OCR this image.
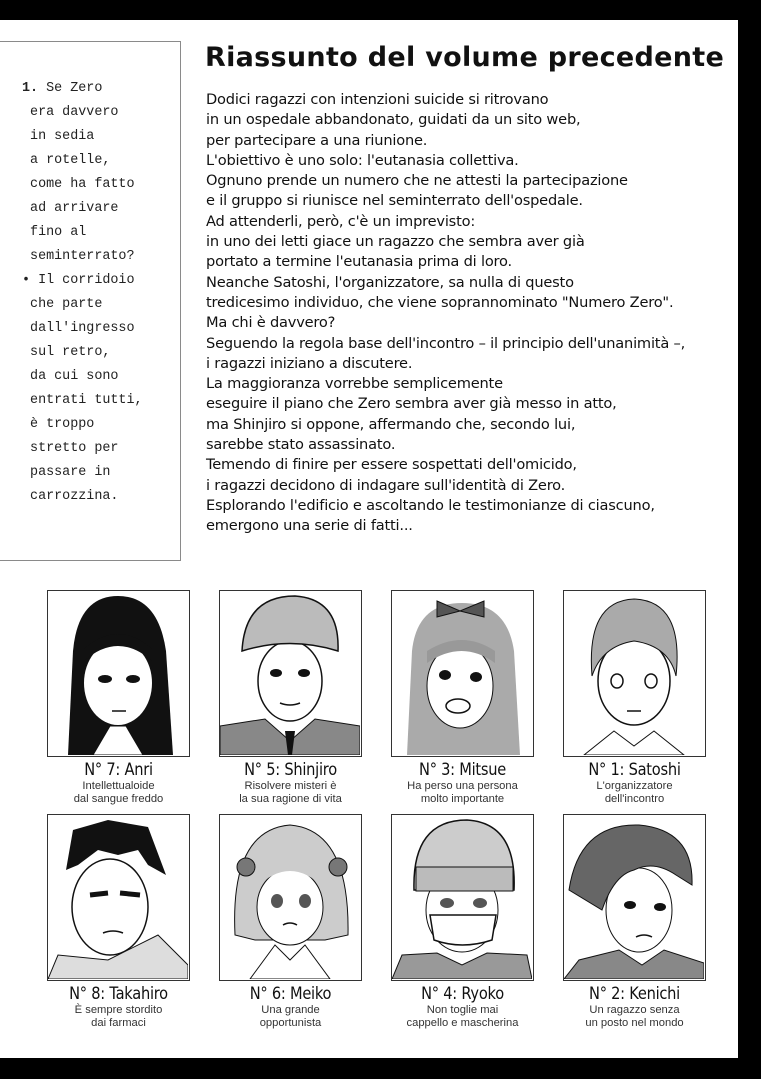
1. Se Zero
era davvero
in sedia
a rotelle,
come ha fatto
ad arrivare
fino al
seminterrato?
• Il corridoio
che parte
dall'ingresso
sul retro,
da cui sono
entrati tutti,
è troppo
stretto per
passare in
carrozzina.
Riassunto del volume precedente
Dodici ragazzi con intenzioni suicide si ritrovano
in un ospedale abbandonato, guidati da un sito web,
per partecipare a una riunione.
L'obiettivo è uno solo: l'eutanasia collettiva.
Ognuno prende un numero che ne attesti la partecipazione
e il gruppo si riunisce nel seminterrato dell'ospedale.
Ad attenderli, però, c'è un imprevisto:
in uno dei letti giace un ragazzo che sembra aver già
portato a termine l'eutanasia prima di loro.
Neanche Satoshi, l'organizzatore, sa nulla di questo
tredicesimo individuo, che viene soprannominato "Numero Zero".
Ma chi è davvero?
Seguendo la regola base dell'incontro – il principio dell'unanimità –,
i ragazzi iniziano a discutere.
La maggioranza vorrebbe semplicemente
eseguire il piano che Zero sembra aver già messo in atto,
ma Shinjiro si oppone, affermando che, secondo lui,
sarebbe stato assassinato.
Temendo di finire per essere sospettati dell'omicido,
i ragazzi decidono di indagare sull'identità di Zero.
Esplorando l'edificio e ascoltando le testimonianze di ciascuno,
emergono una serie di fatti...
N° 7: Anri
Intellettualoide
dal sangue freddo
N° 5: Shinjiro
Risolvere misteri è
la sua ragione di vita
N° 3: Mitsue
Ha perso una persona
molto importante
N° 1: Satoshi
L'organizzatore
dell'incontro
N° 8: Takahiro
È sempre stordito
dai farmaci
N° 6: Meiko
Una grande
opportunista
N° 4: Ryoko
Non toglie mai
cappello e mascherina
N° 2: Kenichi
Un ragazzo senza
un posto nel mondo
